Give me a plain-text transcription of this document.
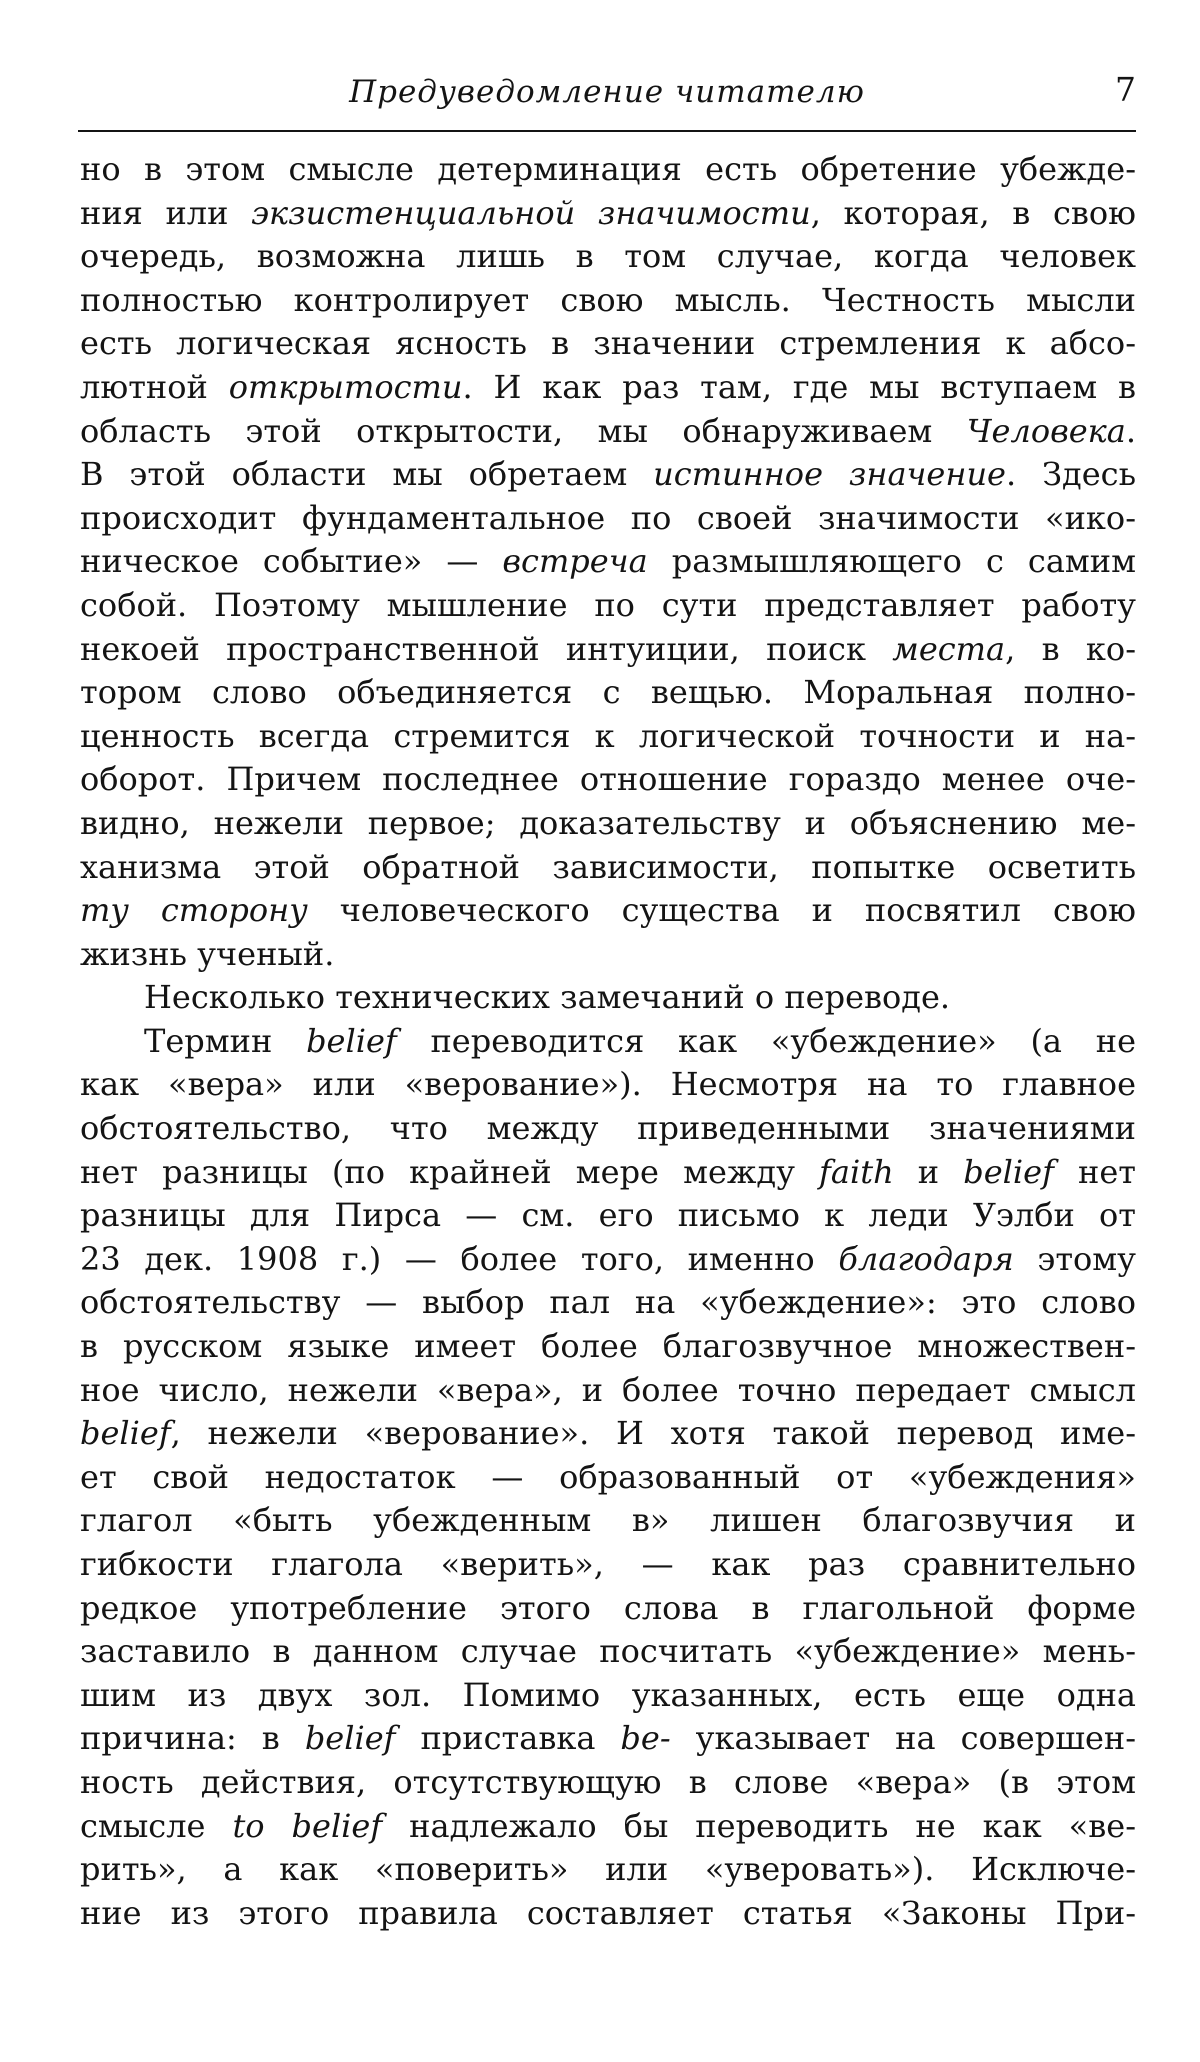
Предуведомление читателю	7
но в этом смысле детерминация есть обретение убежде-
ния или экзистенциальной значимости, которая, в свою
очередь, возможна лишь в том случае, когда человек
полностью контролирует свою мысль. Честность мысли
есть логическая ясность в значении стремления к абсо-
лютной открытости. И как раз там, где мы вступаем в
область этой открытости, мы обнаруживаем Человека.
В этой области мы обретаем истинное значение. Здесь
происходит фундаментальное по своей значимости «ико-
ническое событие» — встреча размышляющего с самим
собой. Поэтому мышление по сути представляет работу
некоей пространственной интуиции, поиск места, в ко-
тором слово объединяется с вещью. Моральная полно-
ценность всегда стремится к логической точности и на-
оборот. Причем последнее отношение гораздо менее оче-
видно, нежели первое; доказательству и объяснению ме-
ханизма этой обратной зависимости, попытке осветить
ту сторону человеческого существа и посвятил свою
жизнь ученый.
Несколько технических замечаний о переводе.
Термин belief переводится как «убеждение» (а не
как «вера» или «верование»). Несмотря на то главное
обстоятельство, что между приведенными значениями
нет разницы (по крайней мере между faith и belief нет
разницы для Пирса — см. его письмо к леди Уэлби от
23 дек. 1908 г.) — более того, именно благодаря этому
обстоятельству — выбор пал на «убеждение»: это слово
в русском языке имеет более благозвучное множествен-
ное число, нежели «вера», и более точно передает смысл
belief, нежели «верование». И хотя такой перевод име-
ет свой недостаток — образованный от «убеждения»
глагол «быть убежденным в» лишен благозвучия и
гибкости глагола «верить», — как раз сравнительно
редкое употребление этого слова в глагольной форме
заставило в данном случае посчитать «убеждение» мень-
шим из двух зол. Помимо указанных, есть еще одна
причина: в belief приставка be- указывает на совершен-
ность действия, отсутствующую в слове «вера» (в этом
смысле to belief надлежало бы переводить не как «ве-
рить», а как «поверить» или «уверовать»). Исключе-
ние из этого правила составляет статья «Законы При-
